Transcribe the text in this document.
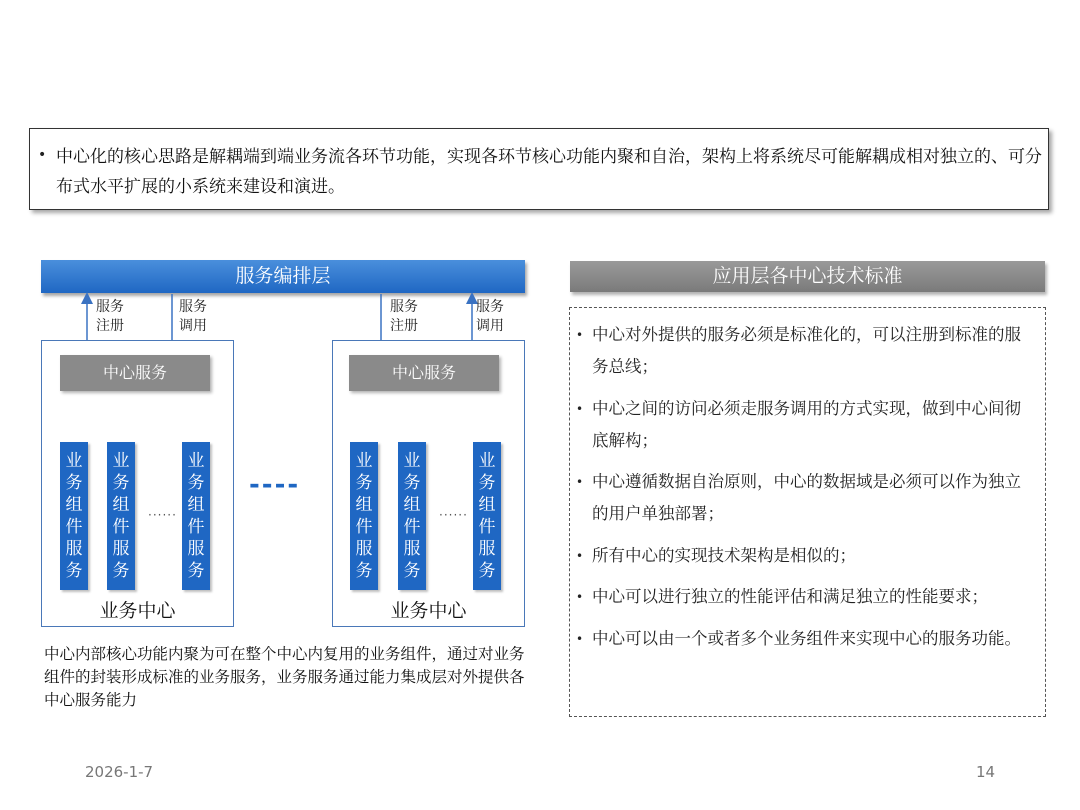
• 中心化的核心思路是解耦端到端业务流各环节功能，实现各环节核心功能内聚和自治，架构上将系统尽可能解耦成相对独立的、可分布式水平扩展的小系统来建设和演进。
服务编排层
服务
注册
服务
调用
服务
注册
服务
调用
中心服务
业
务
组
件
服
务
业
务
组
件
服
务
······
业
务
组
件
服
务
业务中心
----
中心服务
业
务
组
件
服
务
业
务
组
件
服
务
······
业
务
组
件
服
务
业务中心
中心内部核心功能内聚为可在整个中心内复用的业务组件，通过对业务组件的封装形成标准的业务服务，业务服务通过能力集成层对外提供各中心服务能力
应用层各中心技术标准
• 中心对外提供的服务必须是标准化的，可以注册到标准的服务总线；
• 中心之间的访问必须走服务调用的方式实现，做到中心间彻底解构；
• 中心遵循数据自治原则，中心的数据域是必须可以作为独立的用户单独部署；
• 所有中心的实现技术架构是相似的；
• 中心可以进行独立的性能评估和满足独立的性能要求；
• 中心可以由一个或者多个业务组件来实现中心的服务功能。
2026-1-7	14
